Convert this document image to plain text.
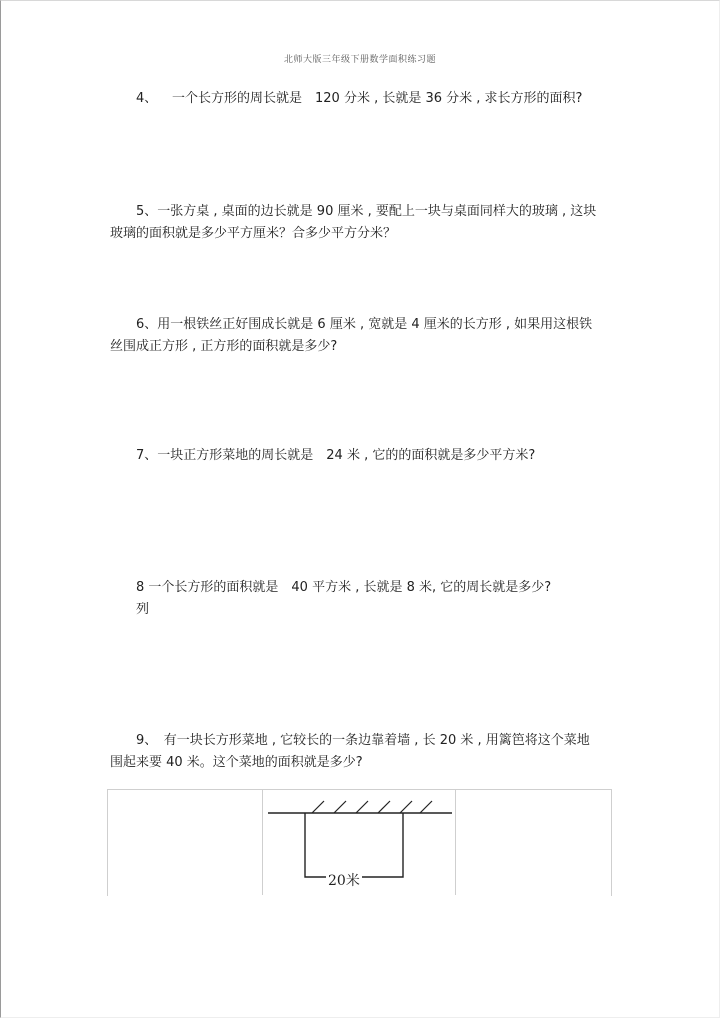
北师大版三年级下册数学面积练习题
4、 一个长方形的周长就是　120 分米 , 长就是 36 分米 , 求长方形的面积?
5、一张方桌 , 桌面的边长就是 90 厘米 , 要配上一块与桌面同样大的玻璃 , 这块
玻璃的面积就是多少平方厘米？合多少平方分米？
6、用一根铁丝正好围成长就是 6 厘米 , 宽就是 4 厘米的长方形 , 如果用这根铁
丝围成正方形 , 正方形的面积就是多少?
7、一块正方形菜地的周长就是　24 米 , 它的的面积就是多少平方米?
8 一个长方形的面积就是　40 平方米 , 长就是 8 米, 它的周长就是多少?
列
9、　有一块长方形菜地 , 它较长的一条边靠着墙 , 长 20 米 , 用篱笆将这个菜地
围起来要 40 米。这个菜地的面积就是多少?
20米
